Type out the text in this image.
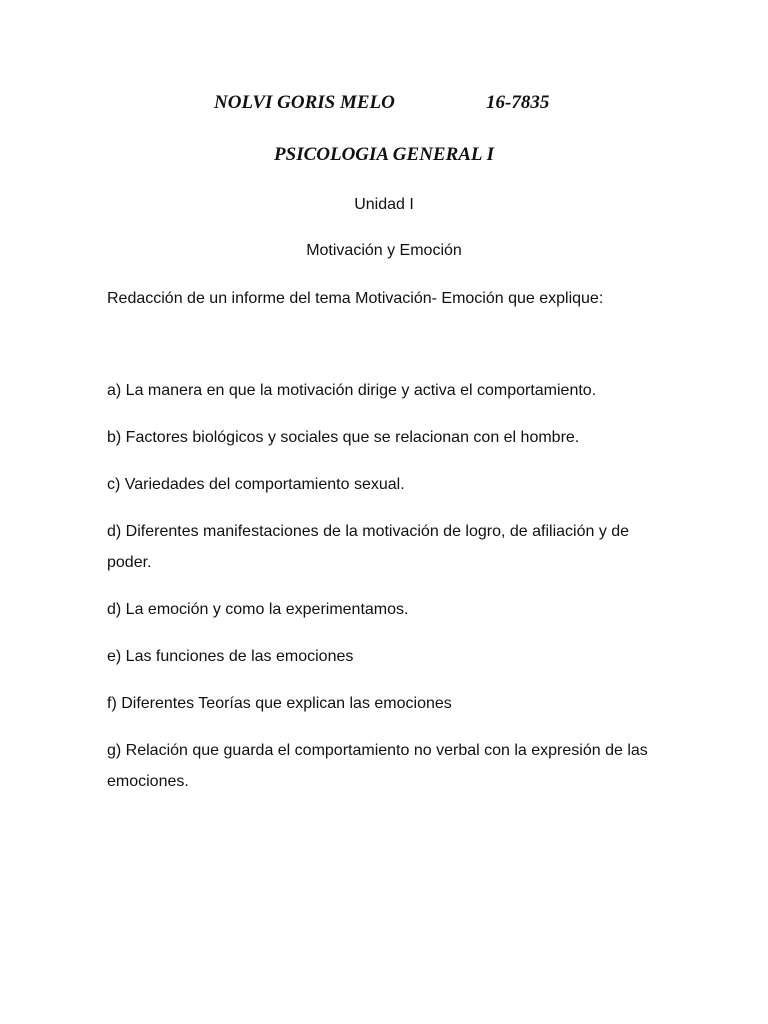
NOLVI GORIS MELO	16-7835
PSICOLOGIA GENERAL I
Unidad I
Motivación y Emoción

Redacción de un informe del tema Motivación- Emoción que explique:

a) La manera en que la motivación dirige y activa el comportamiento.
b) Factores biológicos y sociales que se relacionan con el hombre.
c) Variedades del comportamiento sexual.
d) Diferentes manifestaciones de la motivación de logro, de afiliación y de poder.
d) La emoción y como la experimentamos.
e) Las funciones de las emociones
f) Diferentes Teorías que explican las emociones
g) Relación que guarda el comportamiento no verbal con la expresión de las emociones.
